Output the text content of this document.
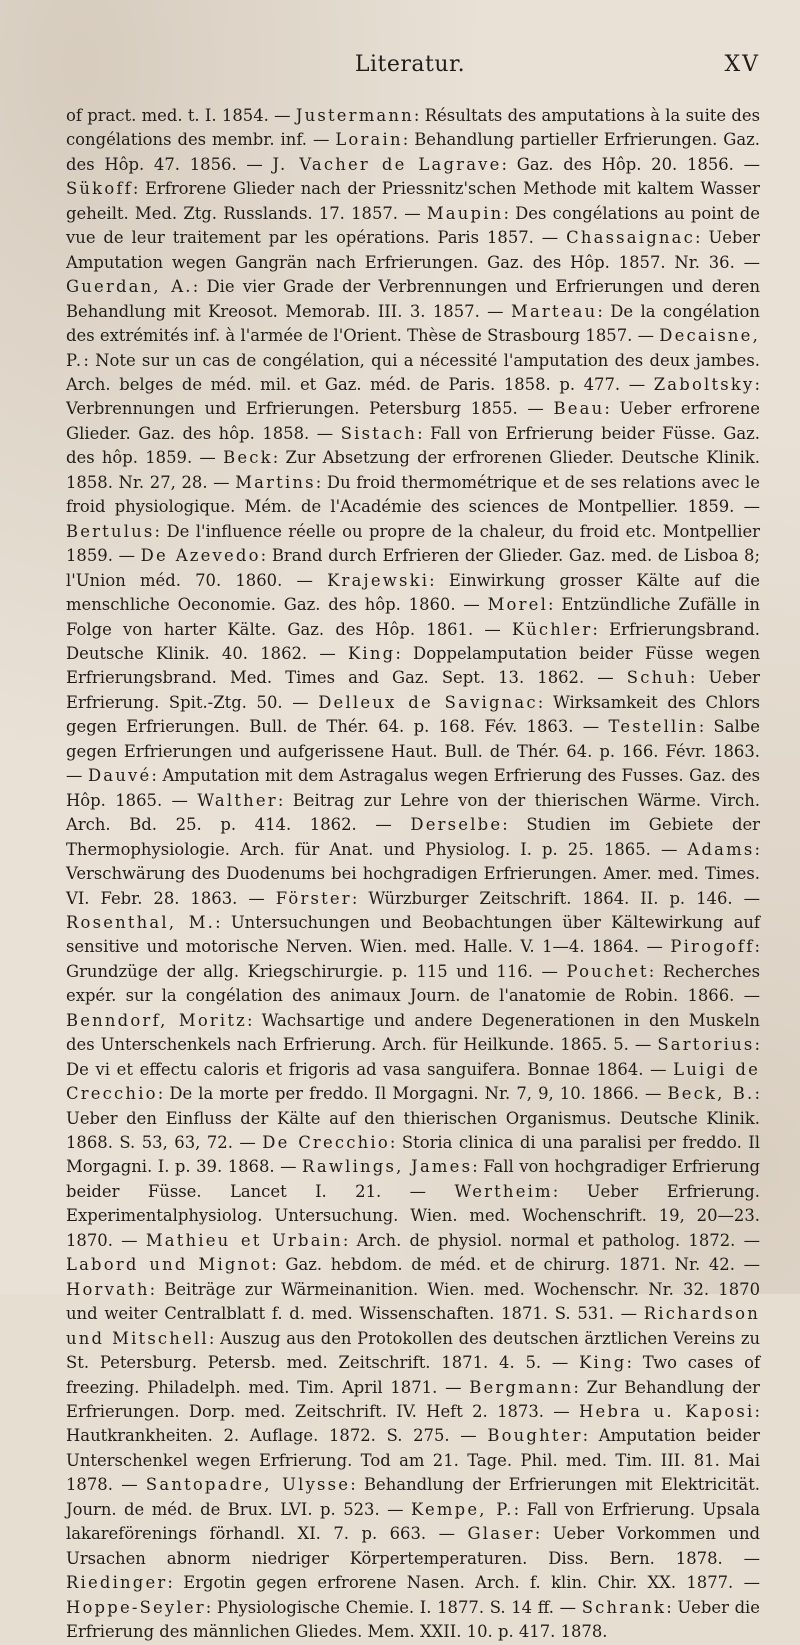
Literatur.	XV

of pract. med. t. I. 1854. — Justermann: Résultats des amputations à la suite des congélations des membr. inf. — Lorain: Behandlung partieller Erfrierungen. Gaz. des Hôp. 47. 1856. — J. Vacher de Lagrave: Gaz. des Hôp. 20. 1856. — Sükoff: Erfrorene Glieder nach der Priessnitz'schen Methode mit kaltem Wasser geheilt. Med. Ztg. Russlands. 17. 1857. — Maupin: Des congélations au point de vue de leur traitement par les opérations. Paris 1857. — Chassaignac: Ueber Amputation wegen Gangrän nach Erfrierungen. Gaz. des Hôp. 1857. Nr. 36. — Guerdan, A.: Die vier Grade der Verbrennungen und Erfrierungen und deren Behandlung mit Kreosot. Memorab. III. 3. 1857. — Marteau: De la congélation des extrémités inf. à l'armée de l'Orient. Thèse de Strasbourg 1857. — Decaisne, P.: Note sur un cas de congélation, qui a nécessité l'amputation des deux jambes. Arch. belges de méd. mil. et Gaz. méd. de Paris. 1858. p. 477. — Zaboltsky: Verbrennungen und Erfrierungen. Petersburg 1855. — Beau: Ueber erfrorene Glieder. Gaz. des hôp. 1858. — Sistach: Fall von Erfrierung beider Füsse. Gaz. des hôp. 1859. — Beck: Zur Absetzung der erfrorenen Glieder. Deutsche Klinik. 1858. Nr. 27, 28. — Martins: Du froid thermométrique et de ses relations avec le froid physiologique. Mém. de l'Académie des sciences de Montpellier. 1859. — Bertulus: De l'influence réelle ou propre de la chaleur, du froid etc. Montpellier 1859. — De Azevedo: Brand durch Erfrieren der Glieder. Gaz. med. de Lisboa 8; l'Union méd. 70. 1860. — Krajewski: Einwirkung grosser Kälte auf die menschliche Oeconomie. Gaz. des hôp. 1860. — Morel: Entzündliche Zufälle in Folge von harter Kälte. Gaz. des Hôp. 1861. — Küchler: Erfrierungsbrand. Deutsche Klinik. 40. 1862. — King: Doppelamputation beider Füsse wegen Erfrierungsbrand. Med. Times and Gaz. Sept. 13. 1862. — Schuh: Ueber Erfrierung. Spit.-Ztg. 50. — Delleux de Savignac: Wirksamkeit des Chlors gegen Erfrierungen. Bull. de Thér. 64. p. 168. Fév. 1863. — Testellin: Salbe gegen Erfrierungen und aufgerissene Haut. Bull. de Thér. 64. p. 166. Févr. 1863. — Dauvé: Amputation mit dem Astragalus wegen Erfrierung des Fusses. Gaz. des Hôp. 1865. — Walther: Beitrag zur Lehre von der thierischen Wärme. Virch. Arch. Bd. 25. p. 414. 1862. — Derselbe: Studien im Gebiete der Thermophysiologie. Arch. für Anat. und Physiolog. I. p. 25. 1865. — Adams: Verschwärung des Duodenums bei hochgradigen Erfrierungen. Amer. med. Times. VI. Febr. 28. 1863. — Förster: Würzburger Zeitschrift. 1864. II. p. 146. — Rosenthal, M.: Untersuchungen und Beobachtungen über Kältewirkung auf sensitive und motorische Nerven. Wien. med. Halle. V. 1—4. 1864. — Pirogoff: Grundzüge der allg. Kriegschirurgie. p. 115 und 116. — Pouchet: Recherches expér. sur la congélation des animaux Journ. de l'anatomie de Robin. 1866. — Benndorf, Moritz: Wachsartige und andere Degenerationen in den Muskeln des Unterschenkels nach Erfrierung. Arch. für Heilkunde. 1865. 5. — Sartorius: De vi et effectu caloris et frigoris ad vasa sanguifera. Bonnae 1864. — Luigi de Crecchio: De la morte per freddo. Il Morgagni. Nr. 7, 9, 10. 1866. — Beck, B.: Ueber den Einfluss der Kälte auf den thierischen Organismus. Deutsche Klinik. 1868. S. 53, 63, 72. — De Crecchio: Storia clinica di una paralisi per freddo. Il Morgagni. I. p. 39. 1868. — Rawlings, James: Fall von hochgradiger Erfrierung beider Füsse. Lancet I. 21. — Wertheim: Ueber Erfrierung. Experimentalphysiolog. Untersuchung. Wien. med. Wochenschrift. 19, 20—23. 1870. — Mathieu et Urbain: Arch. de physiol. normal et patholog. 1872. — Labord und Mignot: Gaz. hebdom. de méd. et de chirurg. 1871. Nr. 42. — Horvath: Beiträge zur Wärmeinanition. Wien. med. Wochenschr. Nr. 32. 1870 und weiter Centralblatt f. d. med. Wissenschaften. 1871. S. 531. — Richardson und Mitschell: Auszug aus den Protokollen des deutschen ärztlichen Vereins zu St. Petersburg. Petersb. med. Zeitschrift. 1871. 4. 5. — King: Two cases of freezing. Philadelph. med. Tim. April 1871. — Bergmann: Zur Behandlung der Erfrierungen. Dorp. med. Zeitschrift. IV. Heft 2. 1873. — Hebra u. Kaposi: Hautkrankheiten. 2. Auflage. 1872. S. 275. — Boughter: Amputation beider Unterschenkel wegen Erfrierung. Tod am 21. Tage. Phil. med. Tim. III. 81. Mai 1878. — Santopadre, Ulysse: Behandlung der Erfrierungen mit Elektricität. Journ. de méd. de Brux. LVI. p. 523. — Kempe, P.: Fall von Erfrierung. Upsala lakareförenings förhandl. XI. 7. p. 663. — Glaser: Ueber Vorkommen und Ursachen abnorm niedriger Körpertemperaturen. Diss. Bern. 1878. — Riedinger: Ergotin gegen erfrorene Nasen. Arch. f. klin. Chir. XX. 1877. — Hoppe-Seyler: Physiologische Chemie. I. 1877. S. 14 ff. — Schrank: Ueber die Erfrierung des männlichen Gliedes. Mem. XXII. 10. p. 417. 1878.
